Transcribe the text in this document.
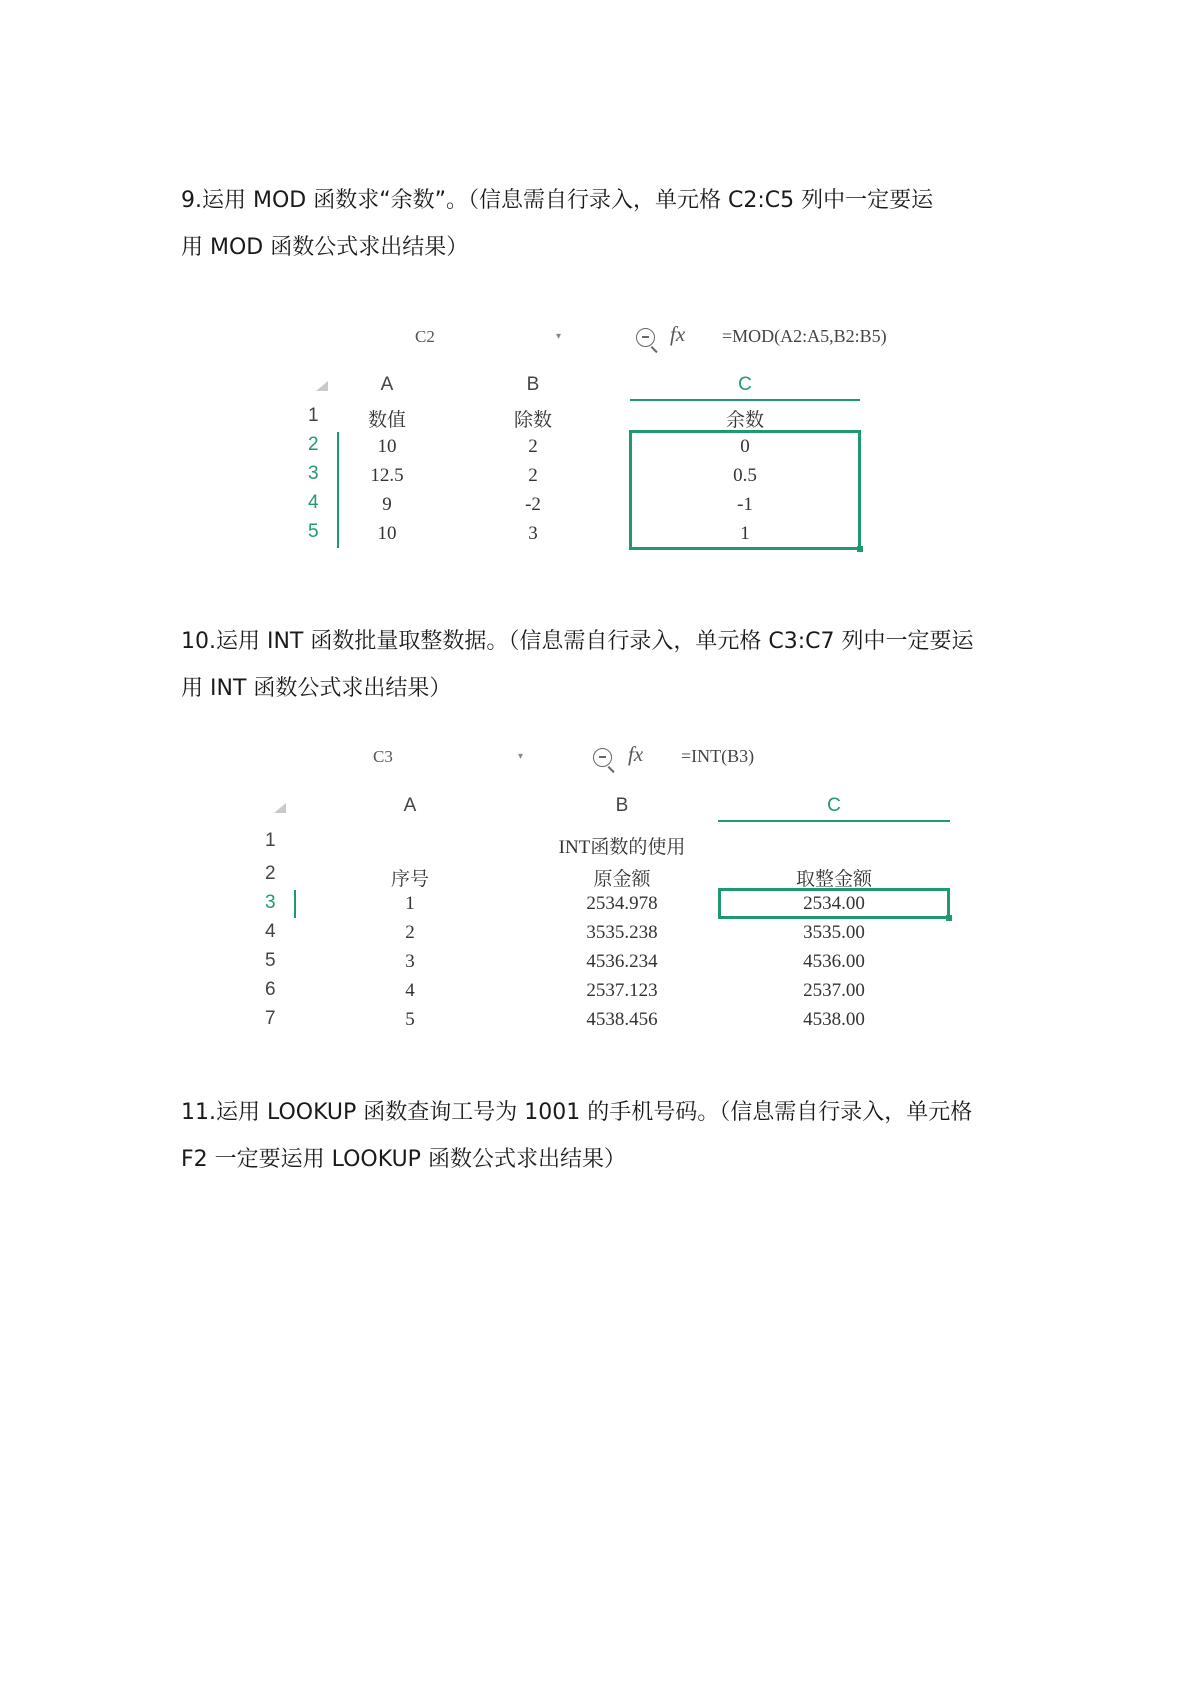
9.运用 MOD 函数求“余数”。（信息需自行录入，单元格 C2:C5 列中一定要运
用 MOD 函数公式求出结果）

C2	▾	fx =MOD(A2:A5,B2:B5)
A	B	C
1
2
3
4
5
数值	除数	余数
10	2	0
12.5	2	0.5
9	-2	-1
10	3	1

10.运用 INT 函数批量取整数据。（信息需自行录入，单元格 C3:C7 列中一定要运
用 INT 函数公式求出结果）

C3	▾	fx =INT(B3)
A	B	C
1
2
3
4
5
6
7
INT函数的使用
序号	原金额	取整金额
1	2534.978	2534.00
2	3535.238	3535.00
3	4536.234	4536.00
4	2537.123	2537.00
5	4538.456	4538.00

11.运用 LOOKUP 函数查询工号为 1001 的手机号码。（信息需自行录入，单元格
F2 一定要运用 LOOKUP 函数公式求出结果）
